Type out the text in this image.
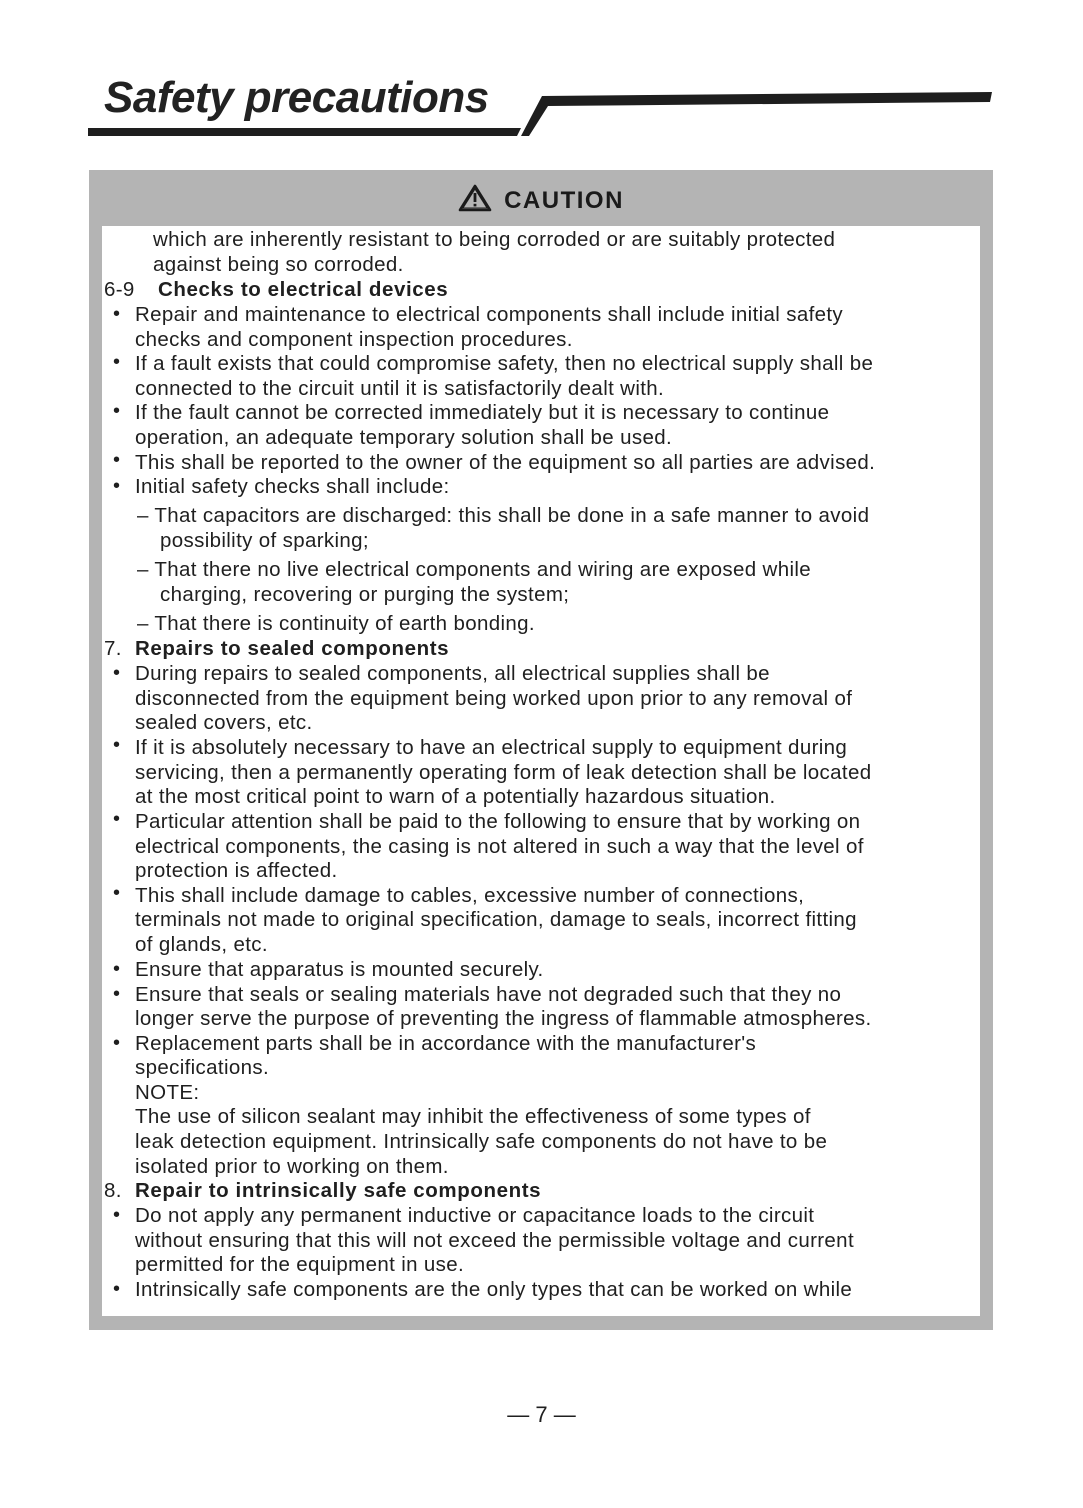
Safety precautions
CAUTION
which are inherently resistant to being corroded or are suitably protected
against being so corroded.
6-9 Checks to electrical devices
• Repair and maintenance to electrical components shall include initial safety
checks and component inspection procedures.
• If a fault exists that could compromise safety, then no electrical supply shall be
connected to the circuit until it is satisfactorily dealt with.
• If the fault cannot be corrected immediately but it is necessary to continue
operation, an adequate temporary solution shall be used.
• This shall be reported to the owner of the equipment so all parties are advised.
• Initial safety checks shall include:
– That capacitors are discharged: this shall be done in a safe manner to avoid
possibility of sparking;
– That there no live electrical components and wiring are exposed while
charging, recovering or purging the system;
– That there is continuity of earth bonding.
7. Repairs to sealed components
• During repairs to sealed components, all electrical supplies shall be
disconnected from the equipment being worked upon prior to any removal of
sealed covers, etc.
• If it is absolutely necessary to have an electrical supply to equipment during
servicing, then a permanently operating form of leak detection shall be located
at the most critical point to warn of a potentially hazardous situation.
• Particular attention shall be paid to the following to ensure that by working on
electrical components, the casing is not altered in such a way that the level of
protection is affected.
• This shall include damage to cables, excessive number of connections,
terminals not made to original specification, damage to seals, incorrect fitting
of glands, etc.
• Ensure that apparatus is mounted securely.
• Ensure that seals or sealing materials have not degraded such that they no
longer serve the purpose of preventing the ingress of flammable atmospheres.
• Replacement parts shall be in accordance with the manufacturer's
specifications.
NOTE:
The use of silicon sealant may inhibit the effectiveness of some types of
leak detection equipment. Intrinsically safe components do not have to be
isolated prior to working on them.
8. Repair to intrinsically safe components
• Do not apply any permanent inductive or capacitance loads to the circuit
without ensuring that this will not exceed the permissible voltage and current
permitted for the equipment in use.
• Intrinsically safe components are the only types that can be worked on while
— 7 —
